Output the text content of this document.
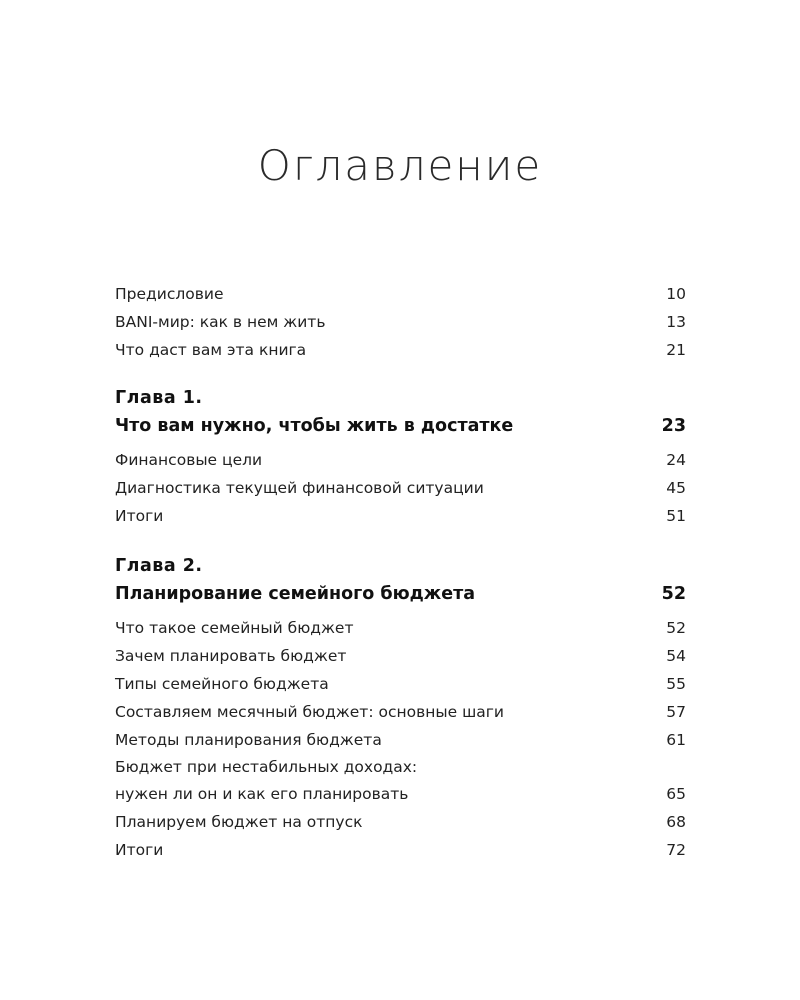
Оглавление
Предисловие	10
BANI-мир: как в нем жить	13
Что даст вам эта книга	21
Глава 1.
Что вам нужно, чтобы жить в достатке	23
Финансовые цели	24
Диагностика текущей финансовой ситуации	45
Итоги	51
Глава 2.
Планирование семейного бюджета	52
Что такое семейный бюджет	52
Зачем планировать бюджет	54
Типы семейного бюджета	55
Составляем месячный бюджет: основные шаги	57
Методы планирования бюджета	61
Бюджет при нестабильных доходах:
нужен ли он и как его планировать	65
Планируем бюджет на отпуск	68
Итоги	72
